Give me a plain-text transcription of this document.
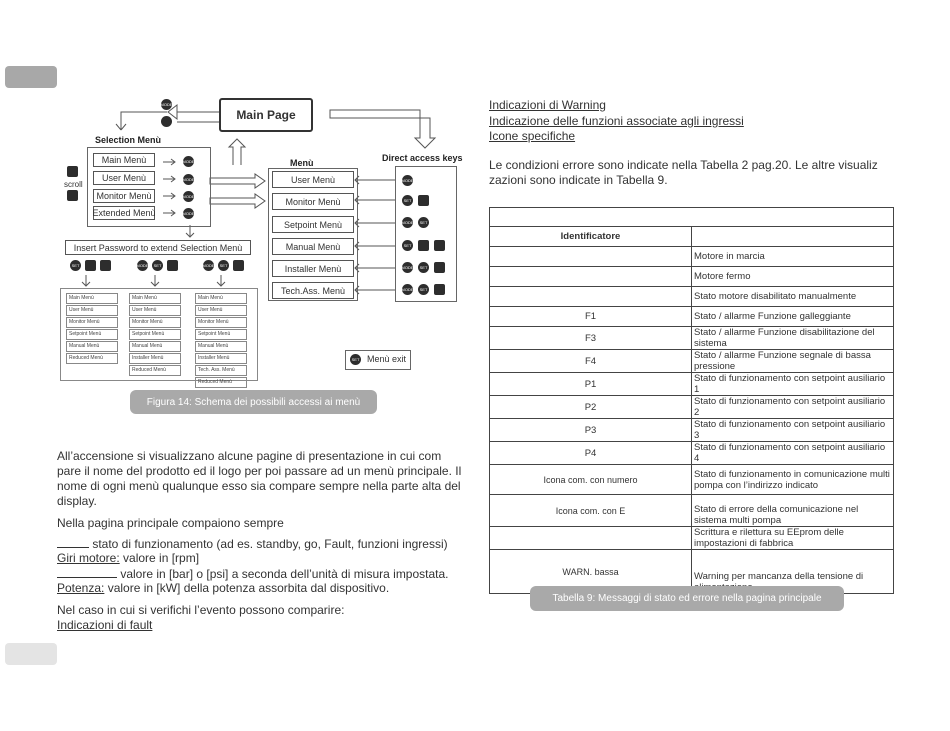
Main Page
MODE
Selection Menù
Main Menù
User Menù
Monitor Menù
Extended Menù
MODE
MODE
MODE
MODE
scroll
Insert Password to extend Selection Menù
SET	MODE	SET	MODE	SET
Main Menù
User Menù
Monitor Menù
Setpoint Menù
Manual Menù
Reduced Menù
Main Menù
User Menù
Monitor Menù
Setpoint Menù
Manual Menù
Installer Menù
Reduced Menù
Main Menù
User Menù
Monitor Menù
Setpoint Menù
Manual Menù
Installer Menù
Tech. Ass. Menù
Reduced Menù
Menù	Direct access keys
User Menù
Monitor Menù
Setpoint Menù
Manual Menù
Installer Menù
Tech.Ass. Menù
MODE
SET
MODE	SET
SET
MODE	SET
MODE	SET
SET Menù exit
Figura 14: Schema dei possibili accessi ai menù
All’accensione si visualizzano alcune pagine di presentazione in cui com pare il nome del prodotto ed il logo per poi passare ad un menù principale. Il nome di ogni menù qualunque esso sia compare sempre nella parte alta del display.
Nella pagina principale compaiono sempre
stato di funzionamento (ad es. standby, go, Fault, funzioni ingressi)
Giri motore: valore in [rpm]
valore in [bar] o [psi] a seconda dell’unità di misura impostata.
Potenza: valore in [kW] della potenza assorbita dal dispositivo.
Nel caso in cui si verifichi l’evento possono comparire:
Indicazioni di fault
Indicazioni di Warning
Indicazione delle funzioni associate agli ingressi
Icone specifiche
Le condizioni errore sono indicate nella Tabella 2 pag.20. Le altre visualiz zazioni sono indicate in Tabella 9.

Identificatore	
	Motore in marcia
	Motore fermo
	Stato motore disabilitato manualmente
F1	Stato / allarme Funzione galleggiante
F3	Stato / allarme Funzione disabilitazione del sistema
F4	Stato / allarme Funzione segnale di bassa pressione
P1	Stato di funzionamento con setpoint ausiliario 1
P2	Stato di funzionamento con setpoint ausiliario 2
P3	Stato di funzionamento con setpoint ausiliario 3
P4	Stato di funzionamento con setpoint ausiliario 4
Icona com. con numero	Stato di funzionamento in comunicazione multi pompa con l’indirizzo indicato
Icona com. con E	Stato di errore della comunicazione nel sistema multi pompa
	Scrittura e rilettura su EEprom delle impostazioni di fabbrica
WARN. bassa	Warning per mancanza della tensione di
Tabella 9: Messaggi di stato ed errore nella pagina principale
